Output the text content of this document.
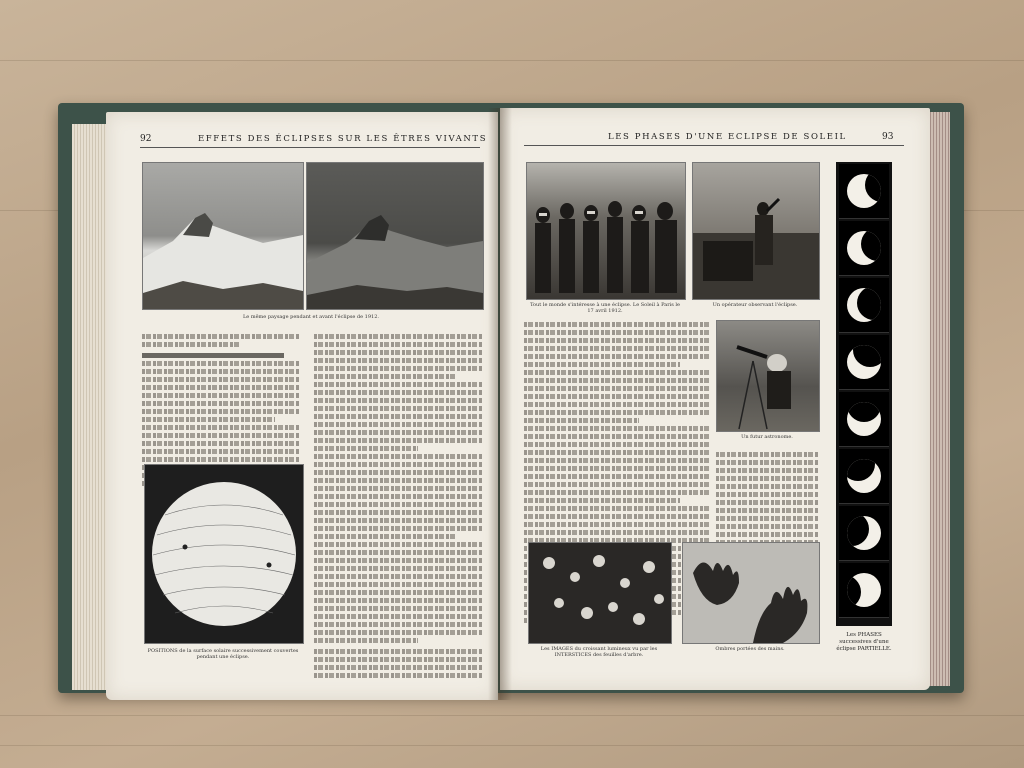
92	EFFETS DES ÉCLIPSES SUR LES ÊTRES VIVANTS
Le même paysage pendant et avant l'éclipse de 1912.
POSITIONS de la surface solaire successivement couvertes pendant une éclipse.
LES PHASES D'UNE ECLIPSE DE SOLEIL	93
Tout le monde s'intéresse à une éclipse. Le Soleil à Paris le 17 avril 1912.
Un opérateur observant l'éclipse.
Un futur astronome.
Les IMAGES du croissant lumineux vu par les INTERSTICES des feuilles d'arbre.
Ombres portées des mains.
Les PHASES successives d'une éclipse PARTIELLE.
